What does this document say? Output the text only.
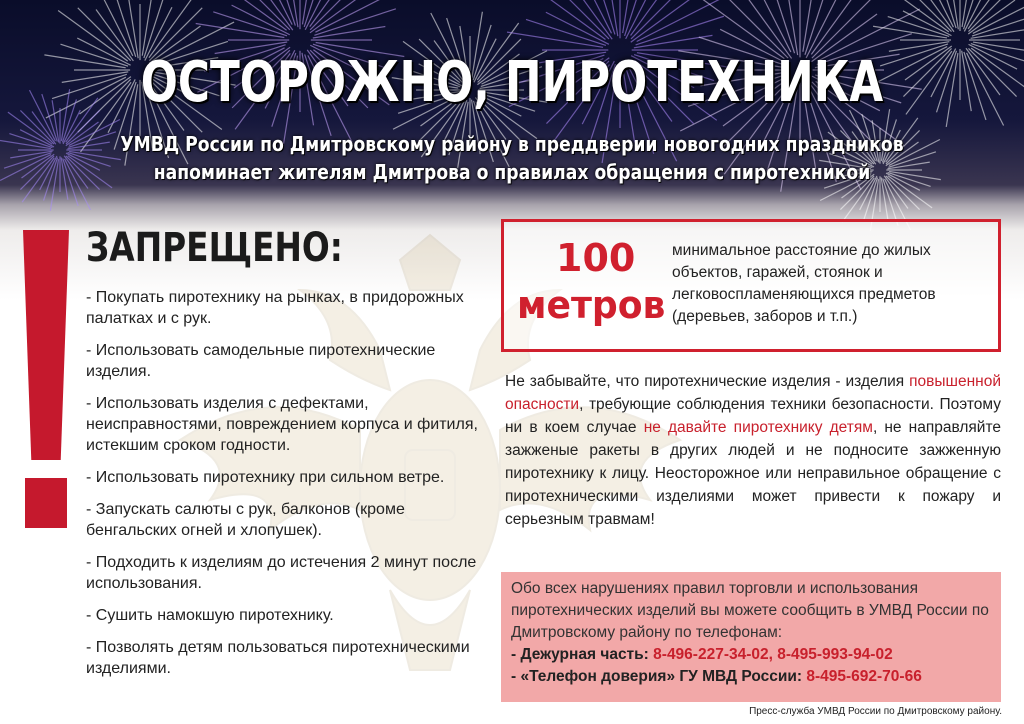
ОСТОРОЖНО, ПИРОТЕХНИКА
УМВД России по Дмитровскому району в преддверии новогодних праздников
напоминает жителям Дмитрова о правилах обращения с пиротехникой
ЗАПРЕЩЕНО:
- Покупать пиротехнику на рынках, в придорожных палатках и с рук.
- Использовать самодельные пиротехнические изделия.
- Использовать изделия с дефектами, неисправностями, повреждением корпуса и фитиля, истекшим сроком годности.
- Использовать пиротехнику при сильном ветре.
- Запускать салюты с рук, балконов (кроме бенгальских огней и хлопушек).
- Подходить к изделиям до истечения 2 минут после использования.
- Сушить намокшую пиротехнику.
- Позволять детям пользоваться пиротехническими изделиями.
100
метров
минимальное расстояние до жилых объектов, гаражей, стоянок и легковоспламеняющихся предметов (деревьев, заборов и т.п.)
Не забывайте, что пиротехнические изделия - изделия повышенной опасности, требующие соблюдения техники безопасности. Поэтому ни в коем случае не давайте пиротехнику детям, не направляйте зажженые ракеты в других людей и не подносите зажженную пиротехнику к лицу. Неосторожное или неправильное обращение с пиротехническими изделиями может привести к пожару и серьезным травмам!
Обо всех нарушениях правил торговли и использования пиротехнических изделий вы можете сообщить в УМВД России по Дмитровскому району по телефонам:
- Дежурная часть: 8-496-227-34-02, 8-495-993-94-02
- «Телефон доверия» ГУ МВД России: 8-495-692-70-66
Пресс-служба УМВД России по Дмитровскому району.
